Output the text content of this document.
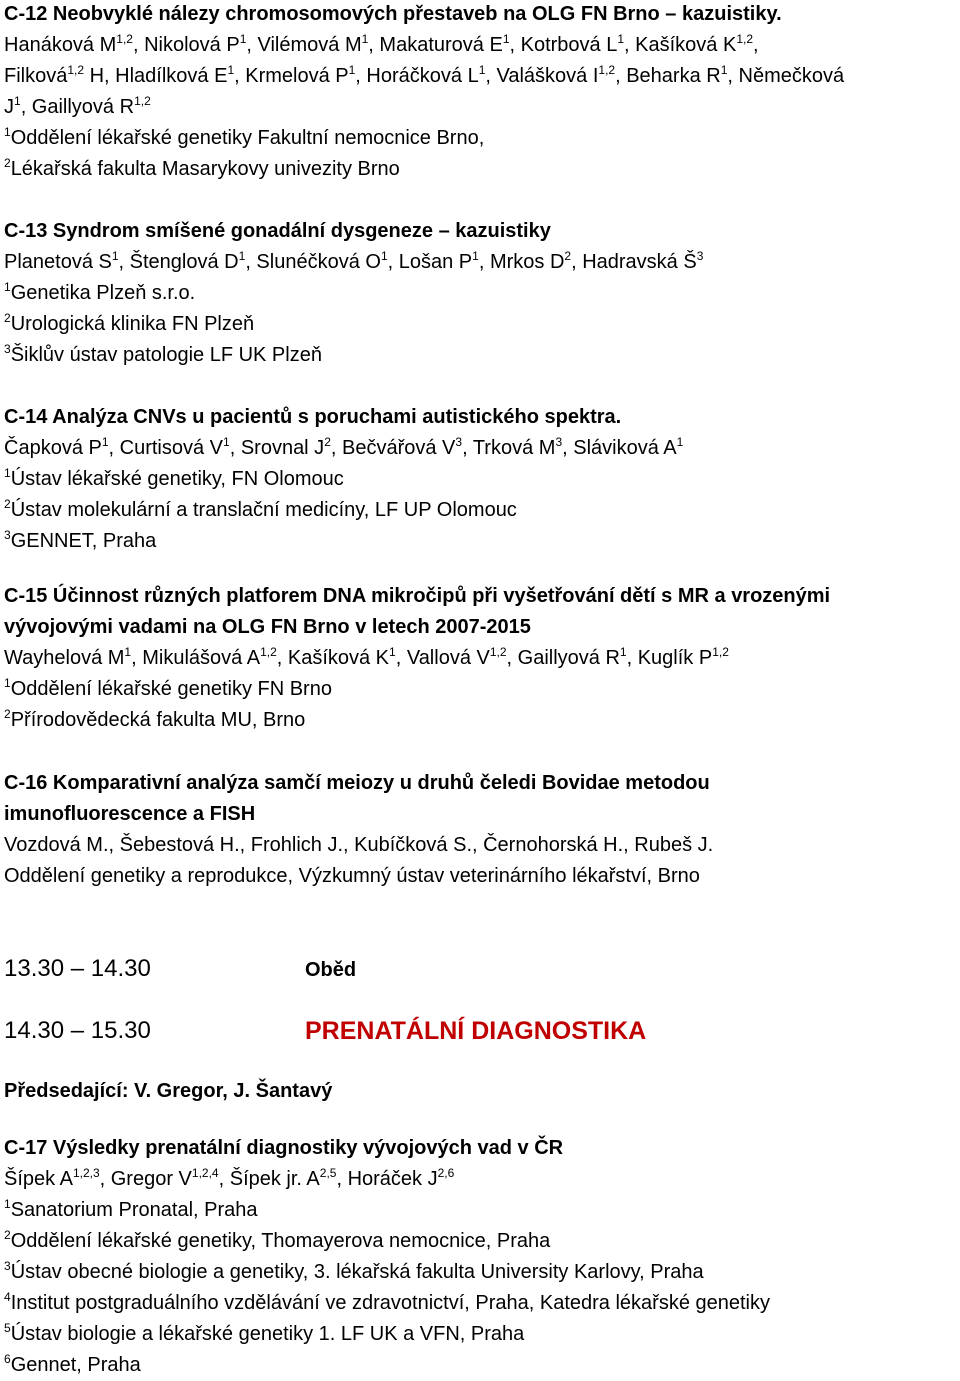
C-12 Neobvyklé nálezy chromosomových přestaveb na OLG FN Brno – kazuistiky.
Hanáková M$^{1,2}$, Nikolová $P^1$, Vilémová $M^1$, Makaturová $E^1$, Kotrbová $L^1$, Kašíková K$^{1,2}$,
Filková$^{1,2}$ H, Hladílková $E^1$, Krmelová $P^1$, Horáčková $L^1$, Valášková I$^{1,2}$, Beharka $R^1$, Němečková
$J^1$, Gaillyová R$^{1,2}$
$^1$Oddělení lékařské genetiky Fakultní nemocnice Brno,
$^2$Lékařská fakulta Masarykovy univezity Brno
C-13 Syndrom smíšené gonadální dysgeneze – kazuistiky
Planetová $S^1$, Štenglová $D^1$, Slunéčková $O^1$, Lošan $P^1$, Mrkos $D^2$, Hadravská $Š^3$
$^1$Genetika Plzeň s.r.o.
$^2$Urologická klinika FN Plzeň
$^3$Šiklův ústav patologie LF UK Plzeň
C-14 Analýza CNVs u pacientů s poruchami autistického spektra.
Čapková $P^1$, Curtisová $V^1$, Srovnal $J^2$, Bečvářová $V^3$, Trková $M^3$, Sláviková $A^1$
$^1$Ústav lékařské genetiky, FN Olomouc
$^2$Ústav molekulární a translační medicíny, LF UP Olomouc
$^3$GENNET, Praha
C-15 Účinnost různých platforem DNA mikročipů při vyšetřování dětí s MR a vrozenými
vývojovými vadami na OLG FN Brno v letech 2007-2015
Wayhelová $M^1$, Mikulášová A$^{1,2}$, Kašíková $K^1$, Vallová V$^{1,2}$, Gaillyová $R^1$, Kuglík P$^{1,2}$
$^1$Oddělení lékařské genetiky FN Brno
$^2$Přírodovědecká fakulta MU, Brno
C-16 Komparativní analýza samčí meiozy u druhů čeledi Bovidae metodou
imunofluorescence a FISH
Vozdová M., Šebestová H., Frohlich J., Kubíčková S., Černohorská H., Rubeš J.
Oddělení genetiky a reprodukce, Výzkumný ústav veterinárního lékařství, Brno
13.30 – 14.30	Oběd
14.30 – 15.30	PRENATÁLNÍ DIAGNOSTIKA
Předsedající: V. Gregor, J. Šantavý
C-17 Výsledky prenatální diagnostiky vývojových vad v ČR
Šípek A$^{1,2,3}$, Gregor V$^{1,2,4}$, Šípek jr. A$^{2,5}$, Horáček J$^{2,6}$
$^1$Sanatorium Pronatal, Praha
$^2$Oddělení lékařské genetiky, Thomayerova nemocnice, Praha
$^3$Ústav obecné biologie a genetiky, 3. lékařská fakulta University Karlovy, Praha
$^4$Institut postgraduálního vzdělávání ve zdravotnictví, Praha, Katedra lékařské genetiky
$^5$Ústav biologie a lékařské genetiky 1. LF UK a VFN, Praha
$^6$Gennet, Praha
